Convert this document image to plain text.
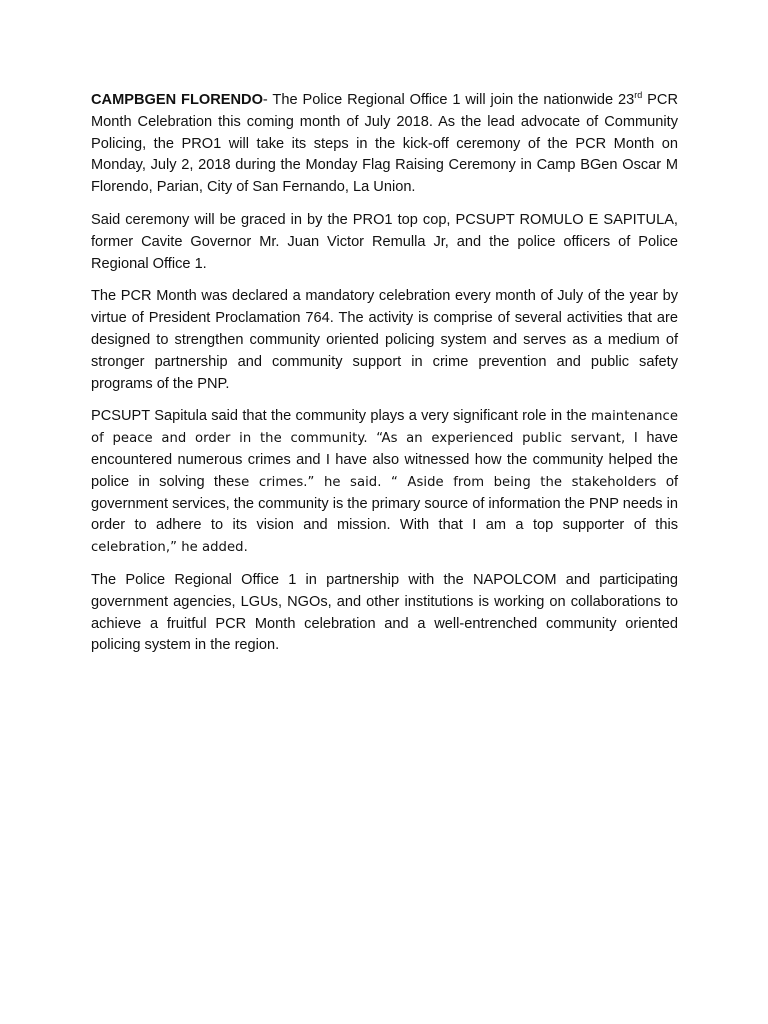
CAMPBGEN FLORENDO- The Police Regional Office 1 will join the nationwide 23rd PCR Month Celebration this coming month of July 2018. As the lead advocate of Community Policing, the PRO1 will take its steps in the kick-off ceremony of the PCR Month on Monday, July 2, 2018 during the Monday Flag Raising Ceremony in Camp BGen Oscar M Florendo, Parian, City of San Fernando, La Union.

Said ceremony will be graced in by the PRO1 top cop, PCSUPT ROMULO E SAPITULA, former Cavite Governor Mr. Juan Victor Remulla Jr, and the police officers of Police Regional Office 1.

The PCR Month was declared a mandatory celebration every month of July of the year by virtue of President Proclamation 764. The activity is comprise of several activities that are designed to strengthen community oriented policing system and serves as a medium of stronger partnership and community support in crime prevention and public safety programs of the PNP.

PCSUPT Sapitula said that the community plays a very significant role in the maintenance of peace and order in the community. “As an experienced public servant, I have encountered numerous crimes and I have also witnessed how the community helped the police in solving these crimes.” he said. “ Aside from being the stakeholders of government services, the community is the primary source of information the PNP needs in order to adhere to its vision and mission. With that I am a top supporter of this celebration,” he added.

The Police Regional Office 1 in partnership with the NAPOLCOM and participating government agencies, LGUs, NGOs, and other institutions is working on collaborations to achieve a fruitful PCR Month celebration and a well-entrenched community oriented policing system in the region.
